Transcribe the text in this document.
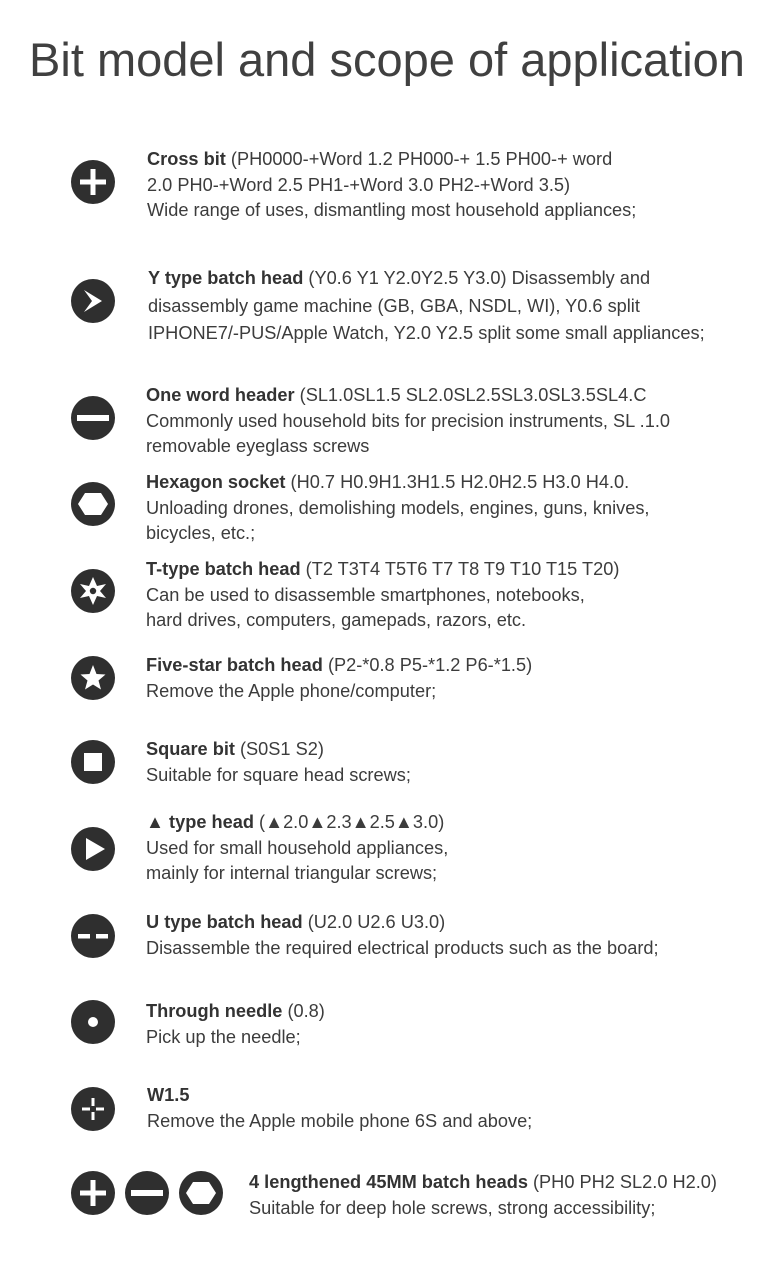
Bit model and scope of application
Cross bit (PH0000-+Word 1.2 PH000-+ 1.5 PH00-+ word
2.0 PH0-+Word 2.5 PH1-+Word 3.0 PH2-+Word 3.5)
Wide range of uses, dismantling most household appliances;
Y type batch head (Y0.6 Y1 Y2.0Y2.5 Y3.0) Disassembly and
disassembly game machine (GB, GBA, NSDL, WI), Y0.6 split
IPHONE7/-PUS/Apple Watch, Y2.0 Y2.5 split some small appliances;
One word header (SL1.0SL1.5 SL2.0SL2.5SL3.0SL3.5SL4.C
Commonly used household bits for precision instruments, SL .1.0
removable eyeglass screws
Hexagon socket (H0.7 H0.9H1.3H1.5 H2.0H2.5 H3.0 H4.0.
Unloading drones, demolishing models, engines, guns, knives,
bicycles, etc.;
T-type batch head (T2 T3T4 T5T6 T7 T8 T9 T10 T15 T20)
Can be used to disassemble smartphones, notebooks,
hard drives, computers, gamepads, razors, etc.
Five-star batch head (P2-*0.8 P5-*1.2 P6-*1.5)
Remove the Apple phone/computer;
Square bit (S0S1 S2)
Suitable for square head screws;
▲ type head (▲2.0▲2.3▲2.5▲3.0)
Used for small household appliances,
mainly for internal triangular screws;
U type batch head (U2.0 U2.6 U3.0)
Disassemble the required electrical products such as the board;
Through needle (0.8)
Pick up the needle;
W1.5
Remove the Apple mobile phone 6S and above;
4 lengthened 45MM batch heads (PH0 PH2 SL2.0 H2.0)
Suitable for deep hole screws, strong accessibility;
